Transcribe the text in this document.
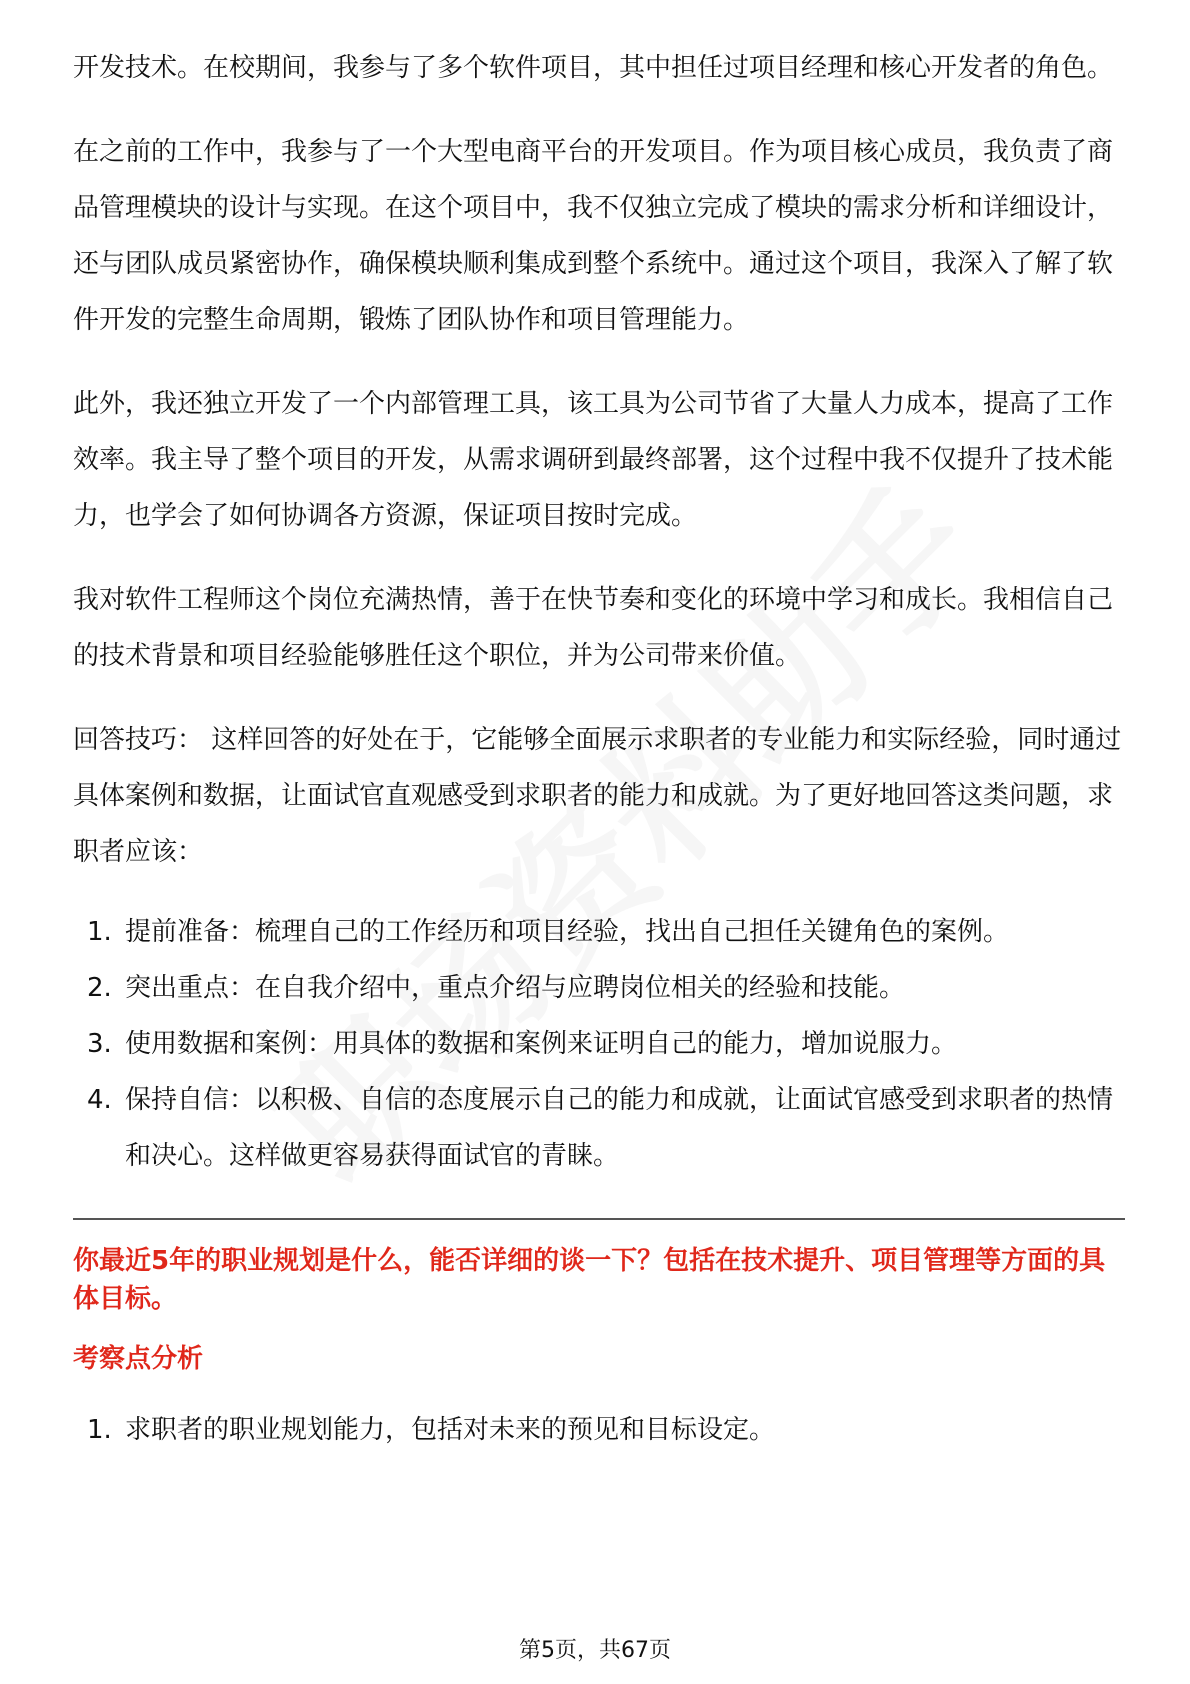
开发技术。在校期间，我参与了多个软件项目，其中担任过项目经理和核心开发者的角色。

在之前的工作中，我参与了一个大型电商平台的开发项目。作为项目核心成员，我负责了商品管理模块的设计与实现。在这个项目中，我不仅独立完成了模块的需求分析和详细设计，还与团队成员紧密协作，确保模块顺利集成到整个系统中。通过这个项目，我深入了解了软件开发的完整生命周期，锻炼了团队协作和项目管理能力。

此外，我还独立开发了一个内部管理工具，该工具为公司节省了大量人力成本，提高了工作效率。我主导了整个项目的开发，从需求调研到最终部署，这个过程中我不仅提升了技术能力，也学会了如何协调各方资源，保证项目按时完成。

我对软件工程师这个岗位充满热情，善于在快节奏和变化的环境中学习和成长。我相信自己的技术背景和项目经验能够胜任这个职位，并为公司带来价值。

回答技巧： 这样回答的好处在于，它能够全面展示求职者的专业能力和实际经验，同时通过具体案例和数据，让面试官直观感受到求职者的能力和成就。为了更好地回答这类问题，求职者应该：

1. 提前准备：梳理自己的工作经历和项目经验，找出自己担任关键角色的案例。
2. 突出重点：在自我介绍中，重点介绍与应聘岗位相关的经验和技能。
3. 使用数据和案例：用具体的数据和案例来证明自己的能力，增加说服力。
4. 保持自信：以积极、自信的态度展示自己的能力和成就，让面试官感受到求职者的热情和决心。这样做更容易获得面试官的青睐。

你最近5年的职业规划是什么，能否详细的谈一下？包括在技术提升、项目管理等方面的具体目标。

考察点分析

1. 求职者的职业规划能力，包括对未来的预见和目标设定。
第5页，共67页
